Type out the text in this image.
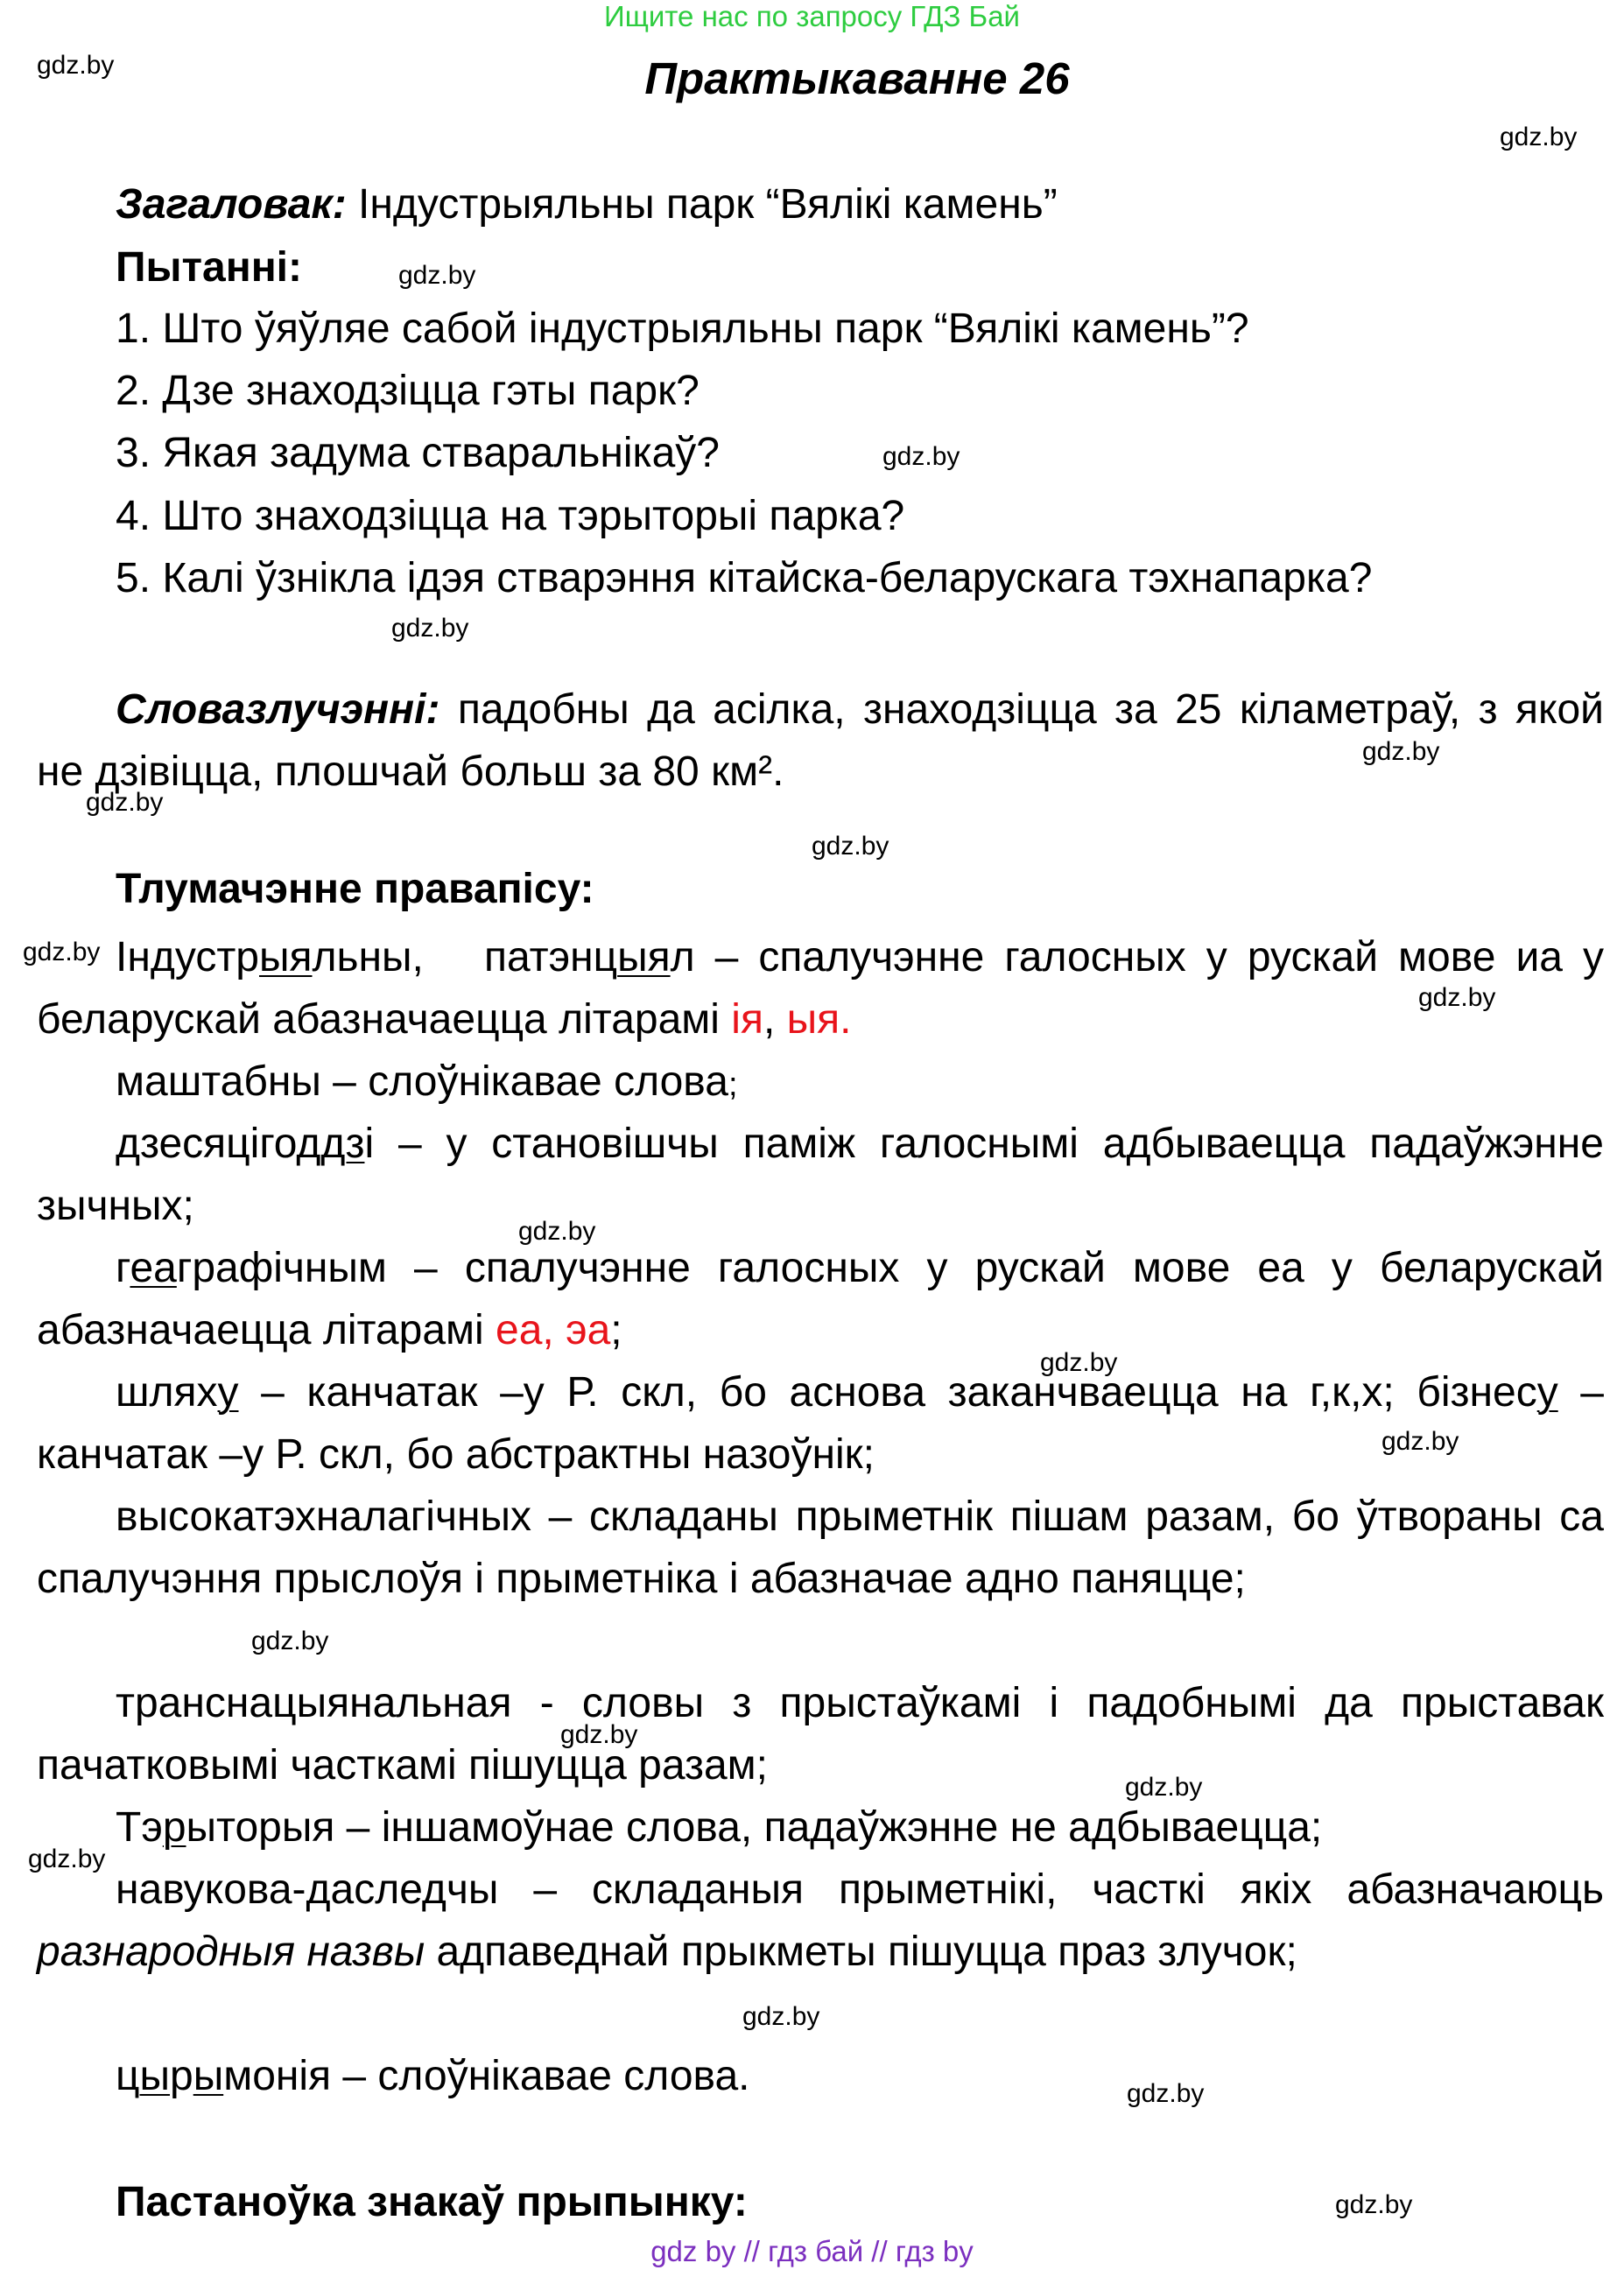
Ищите нас по запросу ГДЗ Бай
Практыкаванне 26
gdz.by
gdz.by
gdz.by
gdz.by
gdz.by
gdz.by
gdz.by
gdz.by
gdz.by
gdz.by
gdz.by
gdz.by
gdz.by
gdz.by
gdz.by
gdz.by
gdz.by
gdz.by
gdz.by
gdz.by
Загаловак: Індустрыяльны парк “Вялікі камень”
Пытанні:
1. Што ўяўляе сабой індустрыяльны парк “Вялікі камень”?
2. Дзе знаходзіцца гэты парк?
3. Якая задума стваральнікаў?
4. Што знаходзіцца на тэрыторыі парка?
5. Калі ўзнікла ідэя стварэння кітайска-беларускага тэхнапарка?
Словазлучэнні: падобны да асілка, знаходзіцца за 25 кіламетраў, з якой не дзівіцца, плошчай больш за 80 км².
Тлумачэнне правапісу:
Індустрыяльны, патэнцыял – спалучэнне галосных у рускай мове иа у беларускай абазначаецца літарамі ія, ыя.
маштабны – слоўнікавае слова;
дзесяцігоддзі – у становішчы паміж галоснымі адбываецца падаўжэнне зычных;
геаграфічным – спалучэнне галосных у рускай мове еа у беларускай абазначаецца літарамі еа, эа;
шляху – канчатак –у Р. скл, бо аснова заканчваецца на г,к,х; бізнесу – канчатак –у Р. скл, бо абстрактны назоўнік;
высокатэхналагічных – складаны прыметнік пішам разам, бо ўтвораны са спалучэння прыслоўя і прыметніка і абазначае адно паняцце;
транснацыянальная - словы з прыстаўкамі і падобнымі да прыставак пачатковымі часткамі пішуцца разам;
Тэрыторыя – іншамоўнае слова, падаўжэнне не адбываецца;
навукова-даследчы – складаныя прыметнікі, часткі якіх абазначаюць разнародныя назвы адпаведнай прыкметы пішуцца праз злучок;
цырымонія – слоўнікавае слова.
Пастаноўка знакаў прыпынку:
gdz by // гдз бай // гдз by
